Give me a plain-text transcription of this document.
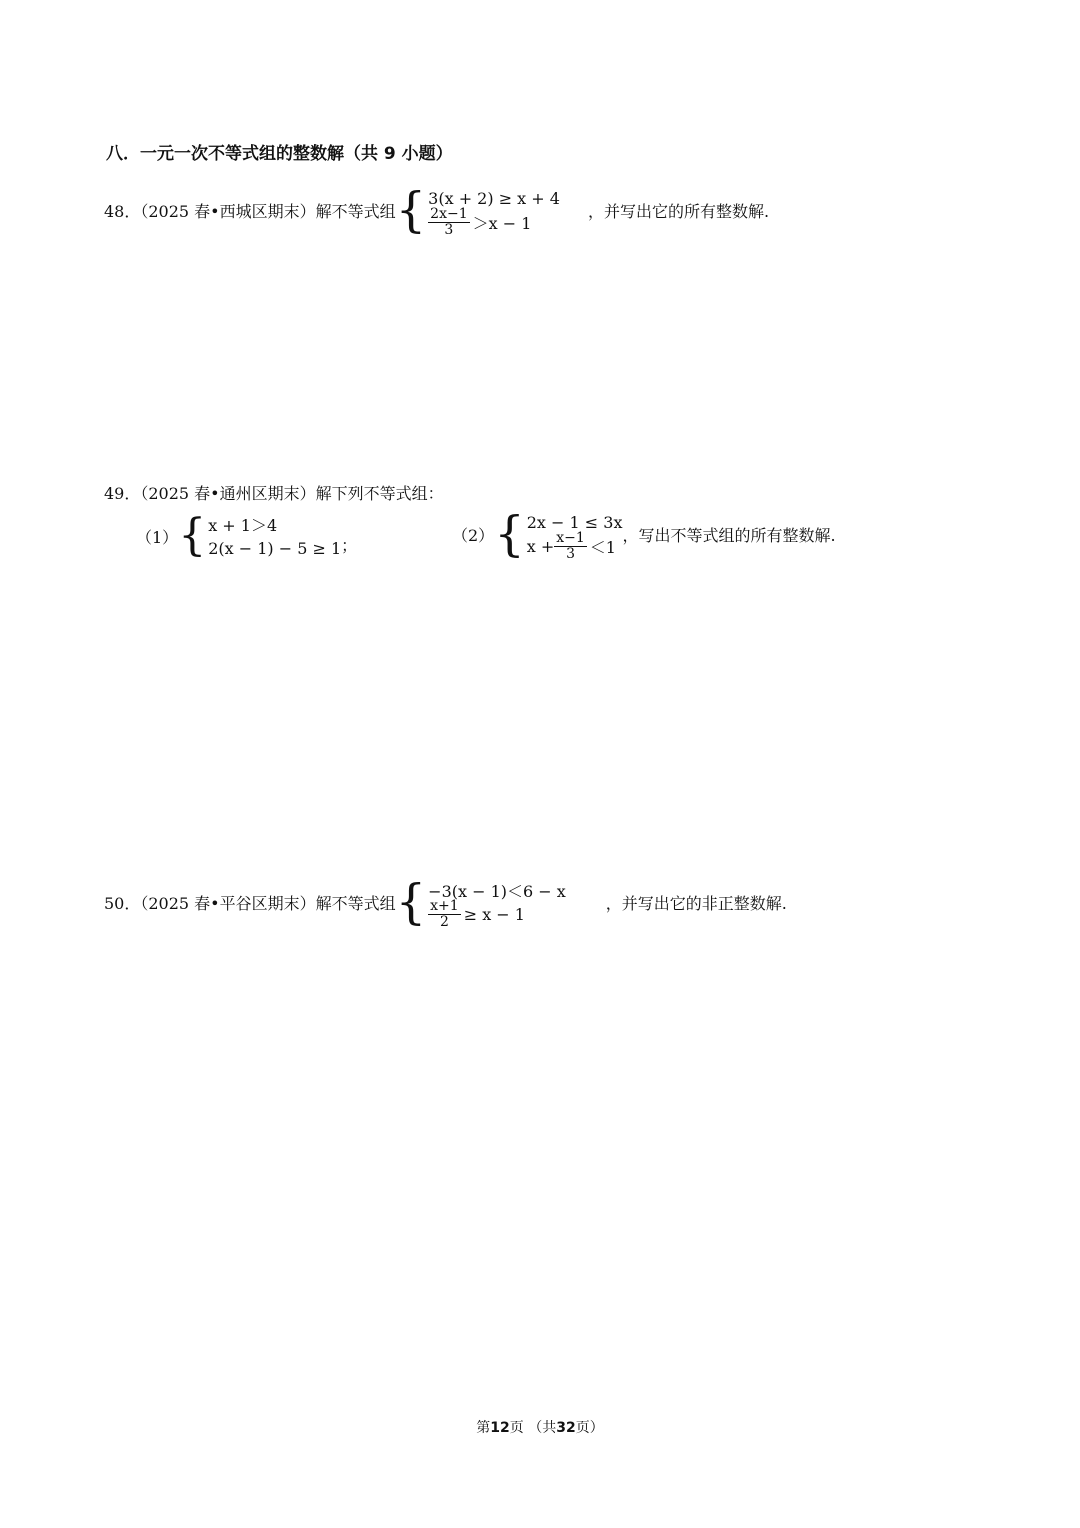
八．一元一次不等式组的整数解（共 9 小题）
48．（2025 春•西城区期末）解不等式组 { 3(x + 2) ≥ x + 4
$\frac{2x-1}{3} >x - 1$
，并写出它的所有整数解.
49．（2025 春•通州区期末）解下列不等式组：
（1） { x + 1＞4
2(x − 1) − 5 ≥ 1 ；
（2） { 2x − 1 ≤ 3x
$x + \frac{x-1}{3} <1$
，写出不等式组的所有整数解.
50．（2025 春•平谷区期末）解不等式组 { −3(x − 1)＜6 − x
$\frac{x+1}{2} \ge x - 1$
，并写出它的非正整数解.
第12页 （共32页）
